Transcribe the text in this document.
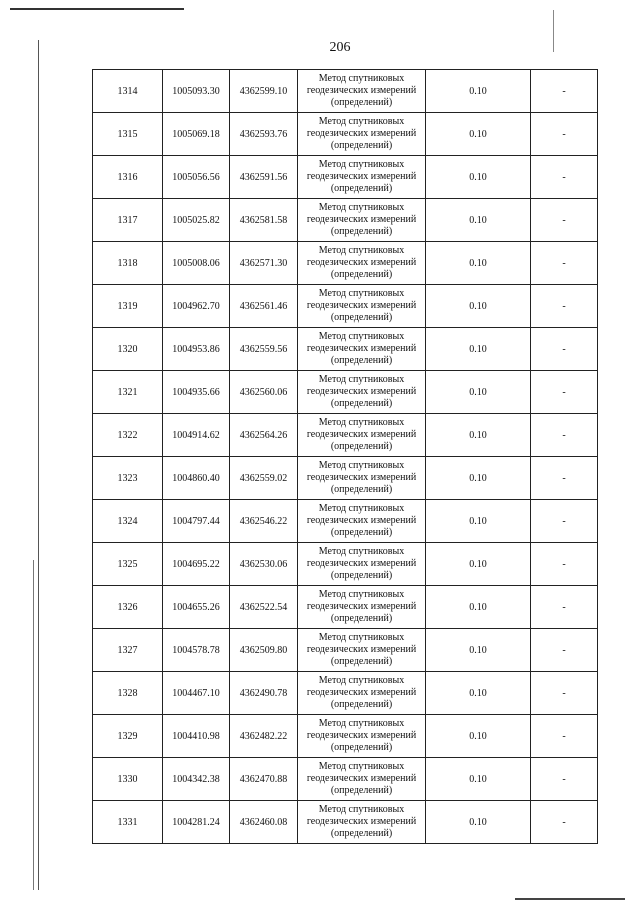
206
1314	1005093.30	4362599.10	Метод спутниковых
геодезических измерений
(определений)	0.10	-
1315	1005069.18	4362593.76	Метод спутниковых
геодезических измерений
(определений)	0.10	-
1316	1005056.56	4362591.56	Метод спутниковых
геодезических измерений
(определений)	0.10	-
1317	1005025.82	4362581.58	Метод спутниковых
геодезических измерений
(определений)	0.10	-
1318	1005008.06	4362571.30	Метод спутниковых
геодезических измерений
(определений)	0.10	-
1319	1004962.70	4362561.46	Метод спутниковых
геодезических измерений
(определений)	0.10	-
1320	1004953.86	4362559.56	Метод спутниковых
геодезических измерений
(определений)	0.10	-
1321	1004935.66	4362560.06	Метод спутниковых
геодезических измерений
(определений)	0.10	-
1322	1004914.62	4362564.26	Метод спутниковых
геодезических измерений
(определений)	0.10	-
1323	1004860.40	4362559.02	Метод спутниковых
геодезических измерений
(определений)	0.10	-
1324	1004797.44	4362546.22	Метод спутниковых
геодезических измерений
(определений)	0.10	-
1325	1004695.22	4362530.06	Метод спутниковых
геодезических измерений
(определений)	0.10	-
1326	1004655.26	4362522.54	Метод спутниковых
геодезических измерений
(определений)	0.10	-
1327	1004578.78	4362509.80	Метод спутниковых
геодезических измерений
(определений)	0.10	-
1328	1004467.10	4362490.78	Метод спутниковых
геодезических измерений
(определений)	0.10	-
1329	1004410.98	4362482.22	Метод спутниковых
геодезических измерений
(определений)	0.10	-
1330	1004342.38	4362470.88	Метод спутниковых
геодезических измерений
(определений)	0.10	-
1331	1004281.24	4362460.08	Метод спутниковых
геодезических измерений
(определений)	0.10	-
